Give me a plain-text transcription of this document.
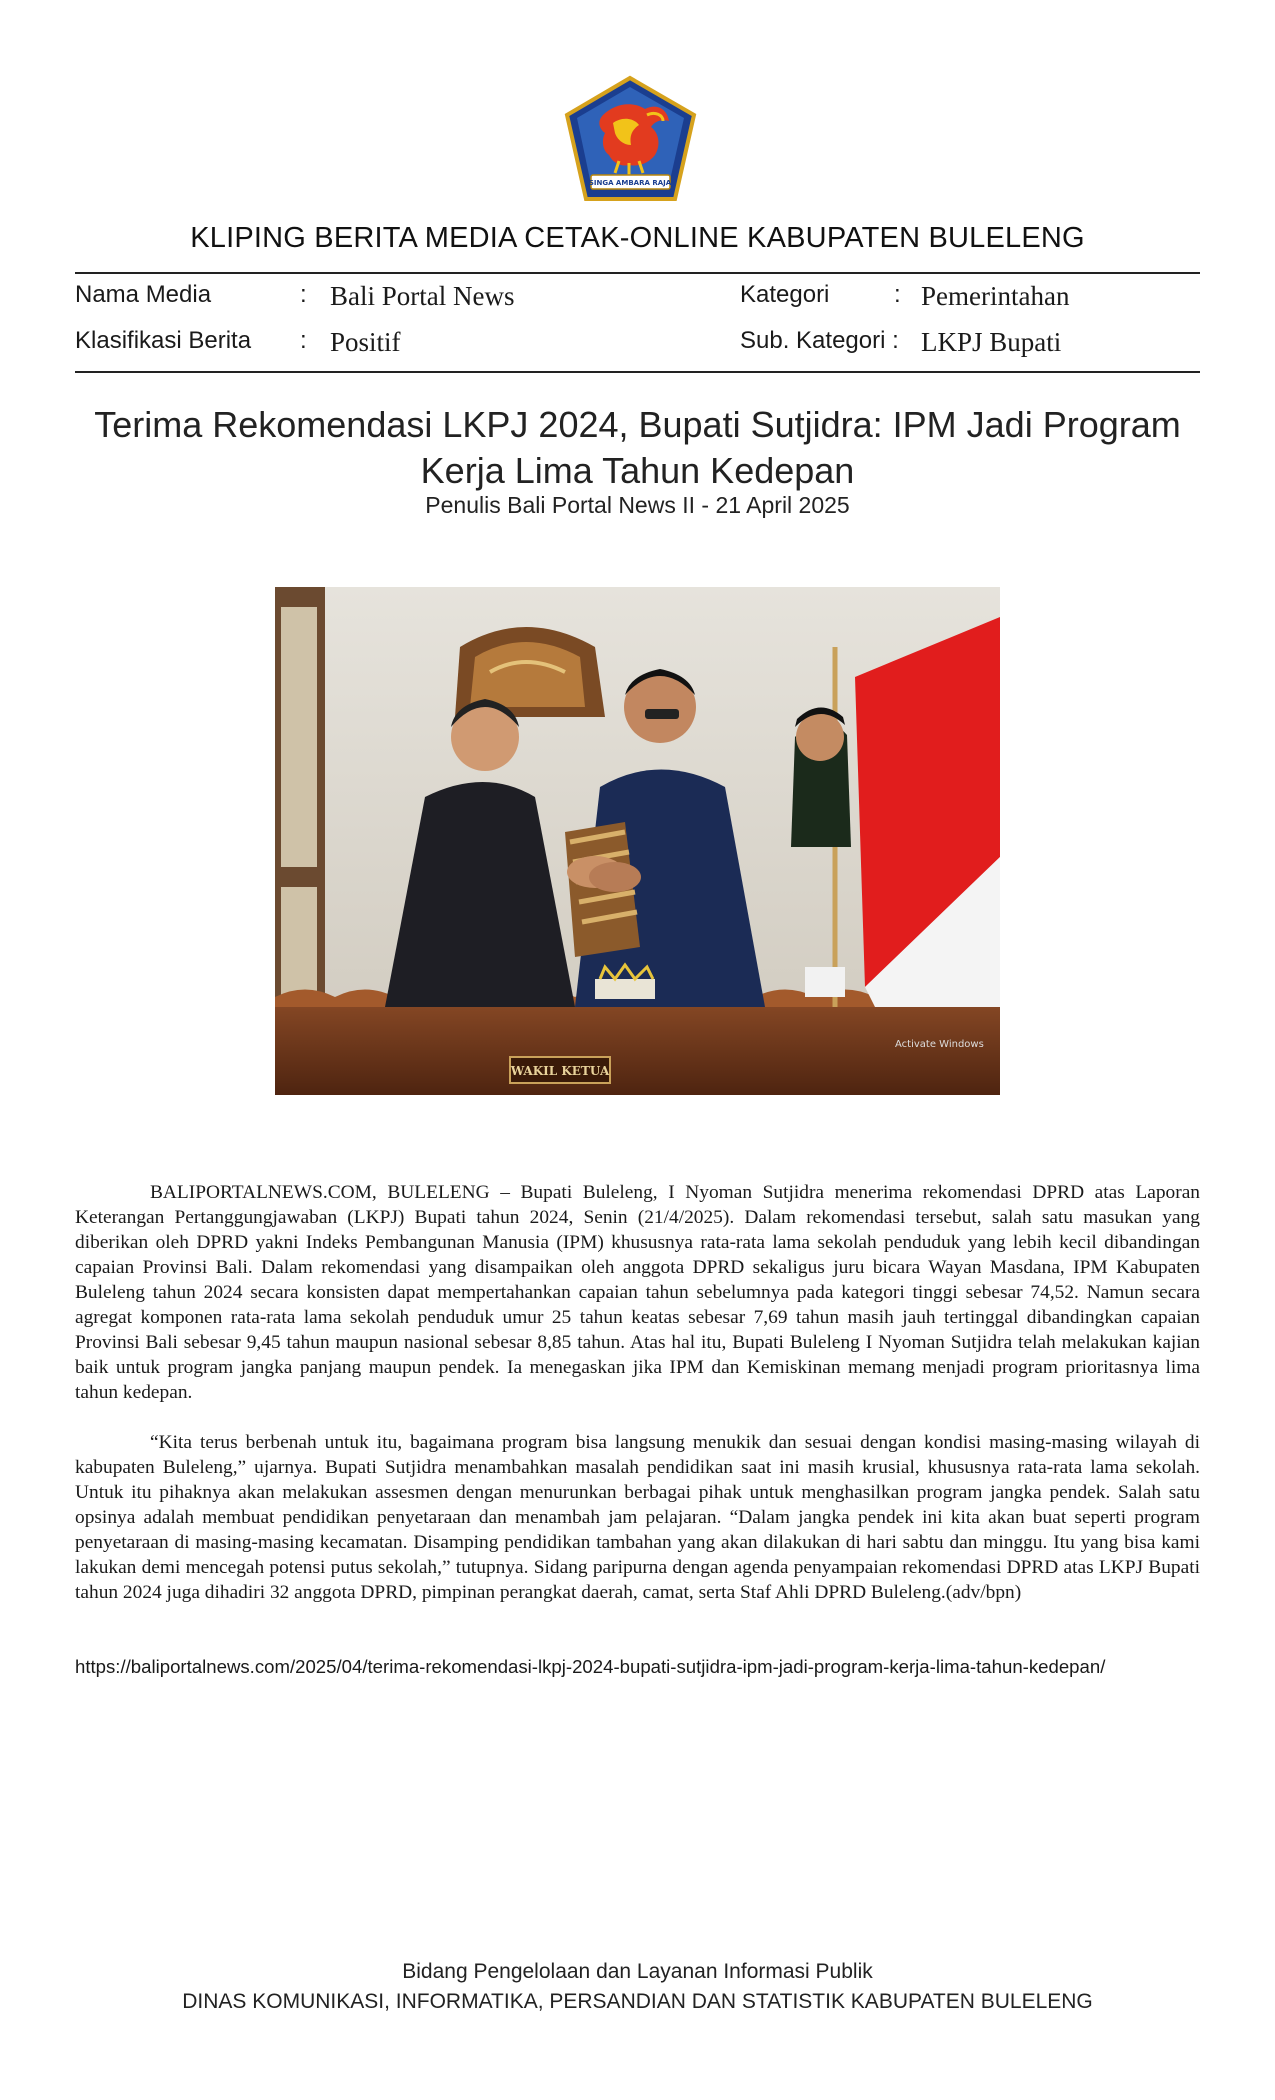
SINGA AMBARA RAJA
KLIPING BERITA MEDIA CETAK-ONLINE KABUPATEN BULELENG
Nama Media	: Bali Portal News	Kategori	: Pemerintahan
Klasifikasi Berita : Positif	Sub. Kategori : LKPJ Bupati
Terima Rekomendasi LKPJ 2024, Bupati Sutjidra: IPM Jadi Program Kerja Lima Tahun Kedepan
Penulis Bali Portal News II - 21 April 2025
WAKIL KETUA
Activate Windows
BALIPORTALNEWS.COM, BULELENG – Bupati Buleleng, I Nyoman Sutjidra menerima rekomendasi DPRD atas Laporan Keterangan Pertanggungjawaban (LKPJ) Bupati tahun 2024, Senin (21/4/2025). Dalam rekomendasi tersebut, salah satu masukan yang diberikan oleh DPRD yakni Indeks Pembangunan Manusia (IPM) khususnya rata-rata lama sekolah penduduk yang lebih kecil dibandingan capaian Provinsi Bali. Dalam rekomendasi yang disampaikan oleh anggota DPRD sekaligus juru bicara Wayan Masdana, IPM Kabupaten Buleleng tahun 2024 secara konsisten dapat mempertahankan capaian tahun sebelumnya pada kategori tinggi sebesar 74,52. Namun secara agregat komponen rata-rata lama sekolah penduduk umur 25 tahun keatas sebesar 7,69 tahun masih jauh tertinggal dibandingkan capaian Provinsi Bali sebesar 9,45 tahun maupun nasional sebesar 8,85 tahun. Atas hal itu, Bupati Buleleng I Nyoman Sutjidra telah melakukan kajian baik untuk program jangka panjang maupun pendek. Ia menegaskan jika IPM dan Kemiskinan memang menjadi program prioritasnya lima tahun kedepan.
“Kita terus berbenah untuk itu, bagaimana program bisa langsung menukik dan sesuai dengan kondisi masing-masing wilayah di kabupaten Buleleng,” ujarnya. Bupati Sutjidra menambahkan masalah pendidikan saat ini masih krusial, khususnya rata-rata lama sekolah. Untuk itu pihaknya akan melakukan assesmen dengan menurunkan berbagai pihak untuk menghasilkan program jangka pendek. Salah satu opsinya adalah membuat pendidikan penyetaraan dan menambah jam pelajaran. “Dalam jangka pendek ini kita akan buat seperti program penyetaraan di masing-masing kecamatan. Disamping pendidikan tambahan yang akan dilakukan di hari sabtu dan minggu. Itu yang bisa kami lakukan demi mencegah potensi putus sekolah,” tutupnya. Sidang paripurna dengan agenda penyampaian rekomendasi DPRD atas LKPJ Bupati tahun 2024 juga dihadiri 32 anggota DPRD, pimpinan perangkat daerah, camat, serta Staf Ahli DPRD Buleleng.(adv/bpn)
https://baliportalnews.com/2025/04/terima-rekomendasi-lkpj-2024-bupati-sutjidra-ipm-jadi-program-kerja-lima-tahun-kedepan/
Bidang Pengelolaan dan Layanan Informasi Publik
DINAS KOMUNIKASI, INFORMATIKA, PERSANDIAN DAN STATISTIK KABUPATEN BULELENG
